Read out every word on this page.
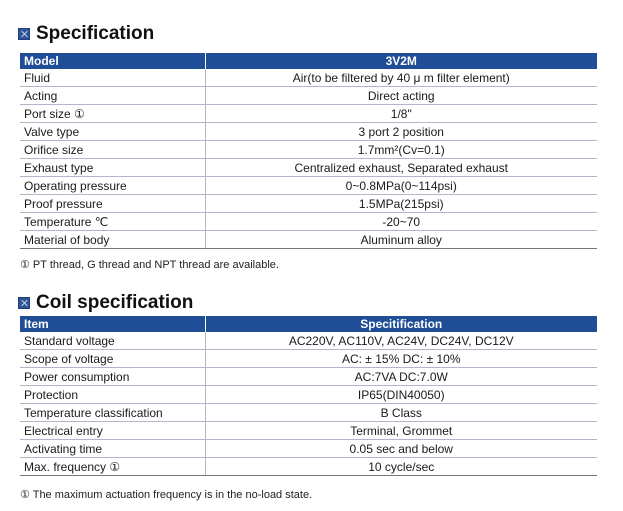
Specification
Model	3V2M
Fluid	Air(to be filtered by 40 μ m filter element)
Acting	Direct acting
Port size ①	1/8"
Valve type	3 port 2 position
Orifice size	1.7mm²(Cv=0.1)
Exhaust type	Centralized exhaust, Separated exhaust
Operating pressure	0~0.8MPa(0~114psi)
Proof pressure	1.5MPa(215psi)
Temperature ℃	-20~70
Material of body	Aluminum alloy
① PT thread, G thread and NPT thread are available.
Coil specification
Item	Specitification
Standard voltage	AC220V, AC110V, AC24V, DC24V, DC12V
Scope of voltage	AC: ± 15% DC: ± 10%
Power consumption	AC:7VA DC:7.0W
Protection	IP65(DIN40050)
Temperature classification	B Class
Electrical entry	Terminal, Grommet
Activating time	0.05 sec and below
Max. frequency ①	10 cycle/sec
① The maximum actuation frequency is in the no-load state.
